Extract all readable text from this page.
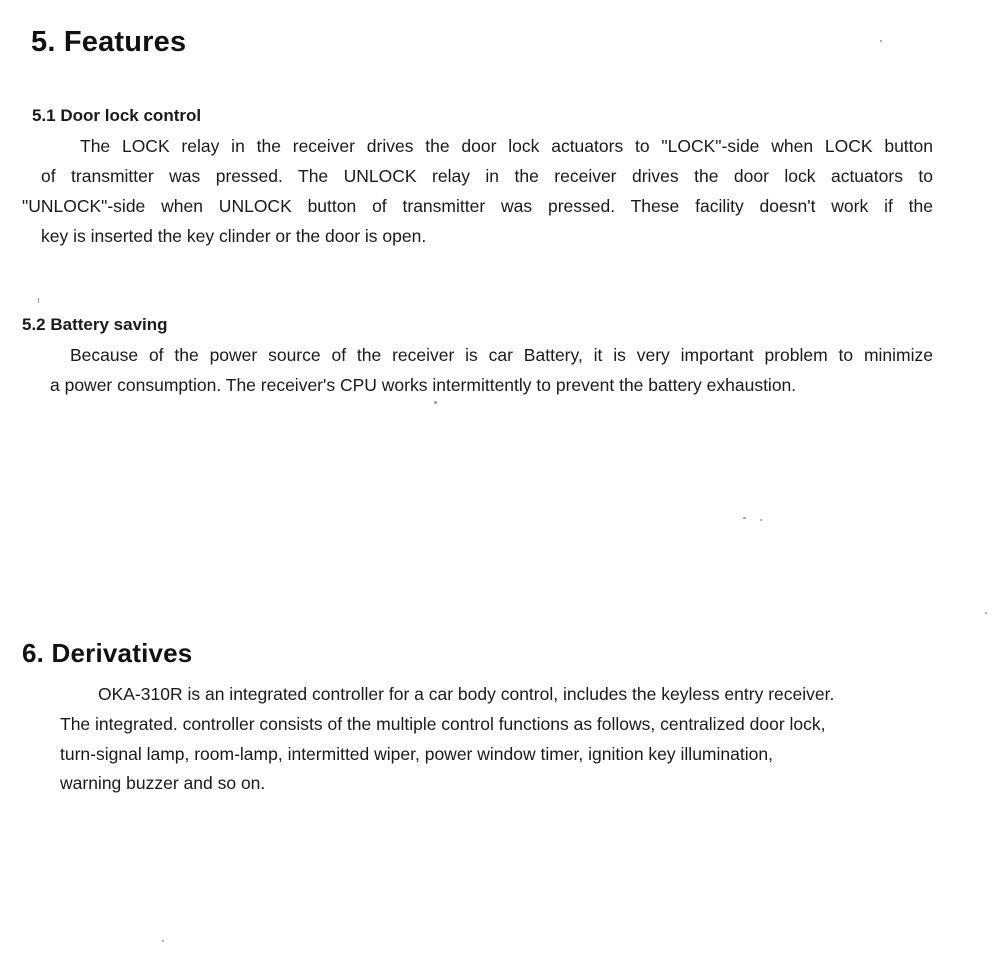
5. Features
5.1 Door lock control

The LOCK relay in the receiver drives the door lock actuators to "LOCK"-side when LOCK button

of transmitter was pressed. The UNLOCK relay in the receiver drives the door lock actuators to

"UNLOCK"-side when UNLOCK button of transmitter was pressed. These facility doesn't work if the

key is inserted the key clinder or the door is open.

5.2 Battery saving

Because of the power source of the receiver is car Battery, it is very important problem to minimize

a power consumption. The receiver's CPU works intermittently to prevent the battery exhaustion.

6. Derivatives

OKA-310R is an integrated controller for a car body control, includes the keyless entry receiver.

The integrated. controller consists of the multiple control functions as follows, centralized door lock,

turn-signal lamp, room-lamp, intermitted wiper, power window timer, ignition key illumination,

warning buzzer and so on.
